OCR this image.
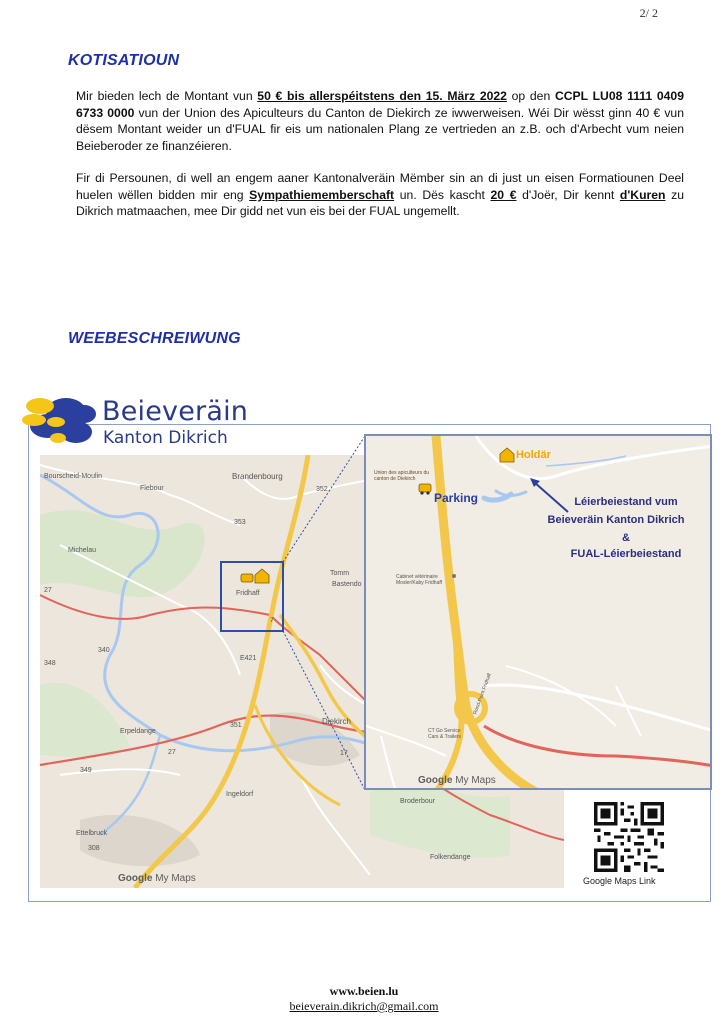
2/ 2
KOTISATIOUN
Mir bieden lech de Montant vun 50 € bis allerspéitstens den 15. März 2022 op den CCPL LU08 1111 0409 6733 0000 vun der Union des Apiculteurs du Canton de Diekirch ze iwwerweisen. Wéi Dir wësst ginn 40 € vun dësem Montant weider un d'FUAL fir eis um nationalen Plang ze vertrieden an z.B. och d'Arbecht vum neien Beieberoder ze finanzéieren.
Fir di Persounen, di well an engem aaner Kantonalveräin Mëmber sin an di just un eisen Formatiounen Deel huelen wëllen bidden mir eng Sympathiememberschaft un. Dës kascht 20 € d'Joër, Dir kennt d'Kuren zu Dikrich matmaachen, mee Dir gidd net vun eis bei der FUAL ungemellt.
WEEBESCHREIWUNG
Bourscheid-Moulin
Flebour
Brandenbourg
Michelau
Fridhaff
Tomm
Bastendo
Erpeldange
Diekirch
Ingeldorf
Broderbour
Ettelbruck
Folkendange
352
353
27
340
348
E421
351
27
349
308
17
7
Google My Maps
Holdär
Parking
Union des apiculteurs du canton de Diekirch
Cabinet vétérinaire Mosler/Kaby Fridhaff
CT Go Service Cars & Trailers
Rond-Point Fridhaff
Léierbeiestand vum
Beieveräin Kanton Dikrich
&
FUAL-Léierbeiestand
Google My Maps
Beieveräin
Kanton Dikrich
Google Maps Link
www.beien.lu
beieverain.dikrich@gmail.com
